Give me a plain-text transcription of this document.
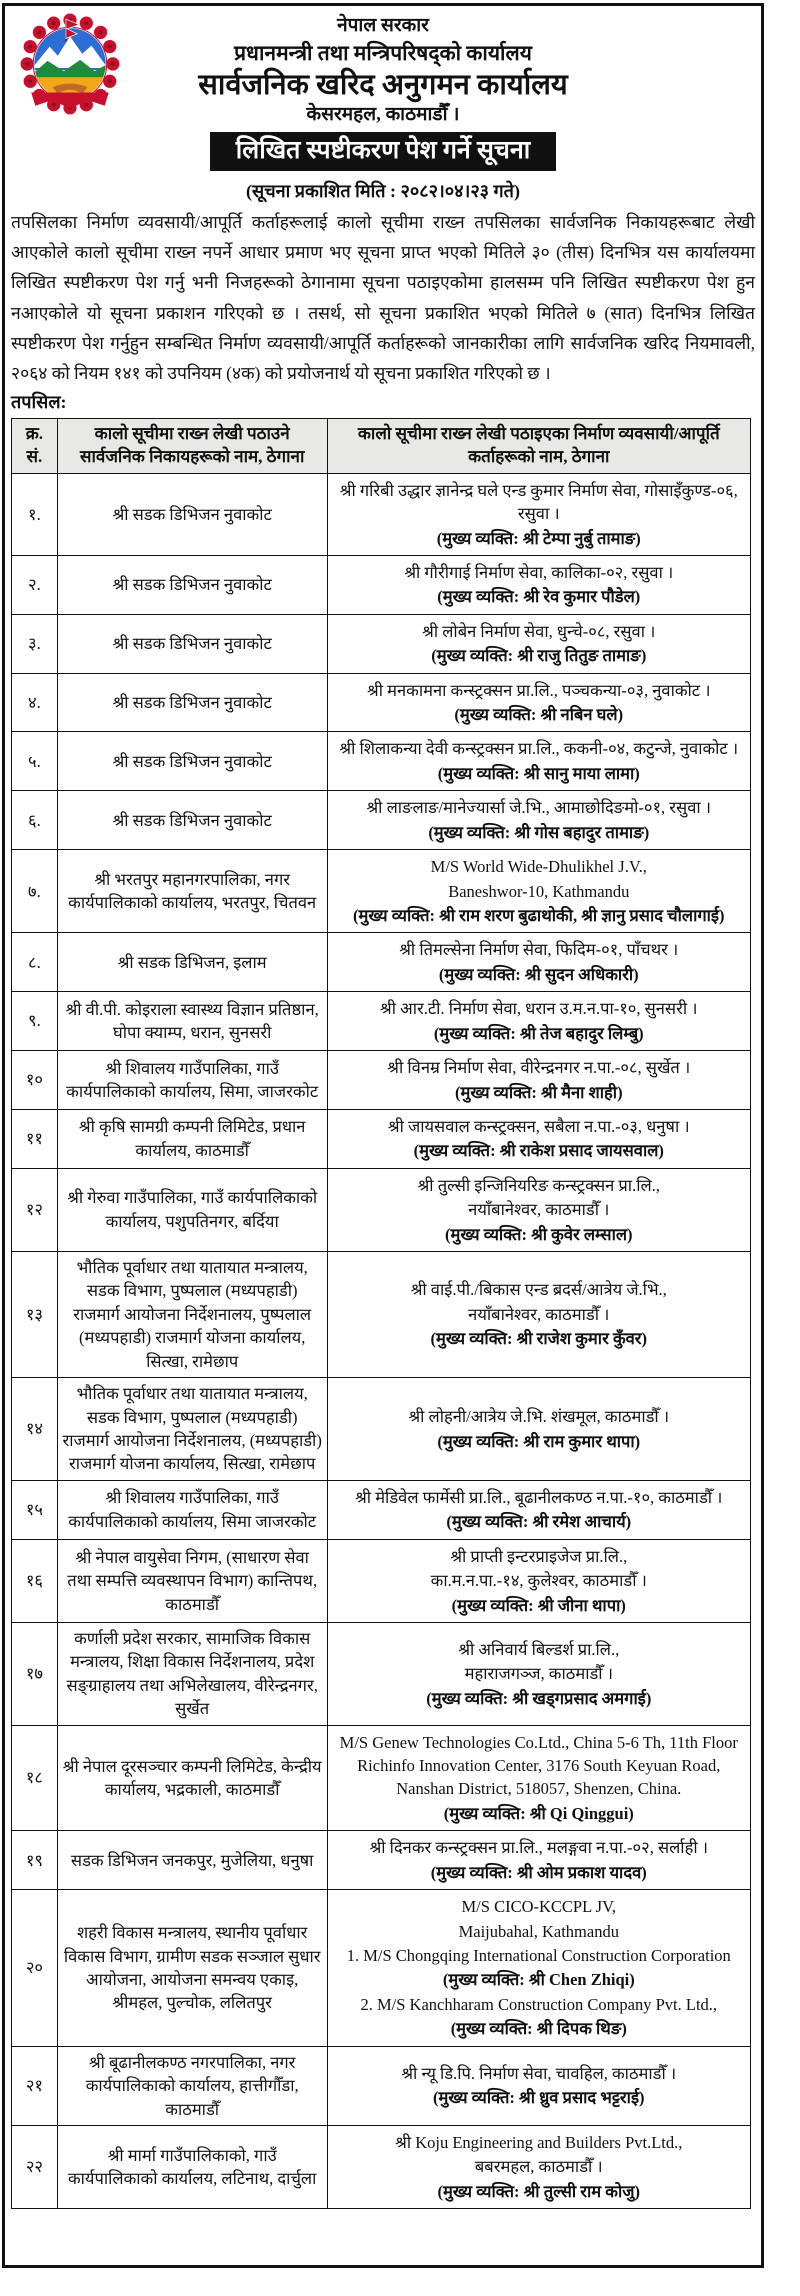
नेपाल सरकार
प्रधानमन्त्री तथा मन्त्रिपरिषद्को कार्यालय
सार्वजनिक खरिद अनुगमन कार्यालय
केसरमहल, काठमाडौँ ।
लिखित स्पष्टीकरण पेश गर्ने सूचना
(सूचना प्रकाशित मिति : २०८२।०४।२३ गते)
तपसिलका निर्माण व्यवसायी/आपूर्ति कर्ताहरूलाई कालो सूचीमा राख्न तपसिलका सार्वजनिक निकायहरूबाट लेखी आएकोले कालो सूचीमा राख्न नपर्ने आधार प्रमाण भए सूचना प्राप्त भएको मितिले ३० (तीस) दिनभित्र यस कार्यालयमा लिखित स्पष्टीकरण पेश गर्नु भनी निजहरूको ठेगानामा सूचना पठाइएकोमा हालसम्म पनि लिखित स्पष्टीकरण पेश हुन नआएकोले यो सूचना प्रकाशन गरिएको छ । तसर्थ, सो सूचना प्रकाशित भएको मितिले ७ (सात) दिनभित्र लिखित स्पष्टीकरण पेश गर्नुहुन सम्बन्धित निर्माण व्यवसायी/आपूर्ति कर्ताहरूको जानकारीका लागि सार्वजनिक खरिद नियमावली, २०६४ को नियम १४१ को उपनियम (४क) को प्रयोजनार्थ यो सूचना प्रकाशित गरिएको छ ।
तपसिल:
क्र. सं.	कालो सूचीमा राख्न लेखी पठाउने सार्वजनिक निकायहरूको नाम, ठेगाना	कालो सूचीमा राख्न लेखी पठाइएका निर्माण व्यवसायी/आपूर्ति कर्ताहरूको नाम, ठेगाना
१.	श्री सडक डिभिजन नुवाकोट	श्री गरिबी उद्धार ज्ञानेन्द्र घले एन्ड कुमार निर्माण सेवा, गोसाइँकुण्ड-०६, रसुवा ।
(मुख्य व्यक्ति: श्री टेम्पा नुर्बु तामाङ)

२.	श्री सडक डिभिजन नुवाकोट	श्री गौरीगाई निर्माण सेवा, कालिका-०२, रसुवा ।
(मुख्य व्यक्ति: श्री रेव कुमार पौडेल)

३.	श्री सडक डिभिजन नुवाकोट	श्री लोबेन निर्माण सेवा, धुन्चे-०८, रसुवा ।
(मुख्य व्यक्ति: श्री राजु तितुङ तामाङ)

४.	श्री सडक डिभिजन नुवाकोट	श्री मनकामना कन्स्ट्रक्सन प्रा.लि., पञ्चकन्या-०३, नुवाकोट ।
(मुख्य व्यक्ति: श्री नबिन घले)

५.	श्री सडक डिभिजन नुवाकोट	श्री शिलाकन्या देवी कन्स्ट्रक्सन प्रा.लि., ककनी-०४, कटुन्जे, नुवाकोट ।
(मुख्य व्यक्ति: श्री सानु माया लामा)

६.	श्री सडक डिभिजन नुवाकोट	श्री लाङलाङ/मानेज्यार्सा जे.भि., आमाछोदिङमो-०१, रसुवा ।
(मुख्य व्यक्ति: श्री गोस बहादुर तामाङ)

७.	श्री भरतपुर महानगरपालिका, नगर कार्यपालिकाको कार्यालय, भरतपुर, चितवन	M/S World Wide-Dhulikhel J.V.,
Baneshwor-10, Kathmandu
(मुख्य व्यक्ति: श्री राम शरण बुढाथोकी, श्री ज्ञानु प्रसाद चौलागाई)

८.	श्री सडक डिभिजन, इलाम	श्री तिमल्सेना निर्माण सेवा, फिदिम-०१, पाँचथर ।
(मुख्य व्यक्ति: श्री सुदन अधिकारी)

९.	श्री वी.पी. कोइराला स्वास्थ्य विज्ञान प्रतिष्ठान, घोपा क्याम्प, धरान, सुनसरी	श्री आर.टी. निर्माण सेवा, धरान उ.म.न.पा-१०, सुनसरी ।
(मुख्य व्यक्ति: श्री तेज बहादुर लिम्बु)

१०	श्री शिवालय गाउँपालिका, गाउँ कार्यपालिकाको कार्यालय, सिमा, जाजरकोट	श्री विनम्र निर्माण सेवा, वीरेन्द्रनगर न.पा.-०८, सुर्खेत ।
(मुख्य व्यक्ति: श्री मैना शाही)

११	श्री कृषि सामग्री कम्पनी लिमिटेड, प्रधान कार्यालय, काठमाडौँ	श्री जायसवाल कन्स्ट्रक्सन, सबैला न.पा.-०३, धनुषा ।
(मुख्य व्यक्ति: श्री राकेश प्रसाद जायसवाल)

१२	श्री गेरुवा गाउँपालिका, गाउँ कार्यपालिकाको कार्यालय, पशुपतिनगर, बर्दिया	श्री तुल्सी इन्जिनियरिङ कन्स्ट्रक्सन प्रा.लि.,
नयाँबानेश्वर, काठमाडौँ ।
(मुख्य व्यक्ति: श्री कुवेर लम्साल)

१३	भौतिक पूर्वाधार तथा यातायात मन्त्रालय, सडक विभाग, पुष्पलाल (मध्यपहाडी) राजमार्ग आयोजना निर्देशनालय, पुष्पलाल (मध्यपहाडी) राजमार्ग योजना कार्यालय, सित्खा, रामेछाप	श्री वाई.पी./बिकास एन्ड ब्रदर्स/आत्रेय जे.भि.,
नयाँबानेश्वर, काठमाडौँ ।
(मुख्य व्यक्ति: श्री राजेश कुमार कुँवर)

१४	भौतिक पूर्वाधार तथा यातायात मन्त्रालय, सडक विभाग, पुष्पलाल (मध्यपहाडी) राजमार्ग आयोजना निर्देशनालय, (मध्यपहाडी) राजमार्ग योजना कार्यालय, सित्खा, रामेछाप	श्री लोहनी/आत्रेय जे.भि. शंखमूल, काठमाडौँ ।
(मुख्य व्यक्ति: श्री राम कुमार थापा)

१५	श्री शिवालय गाउँपालिका, गाउँ कार्यपालिकाको कार्यालय, सिमा जाजरकोट	श्री मेडिवेल फार्मेसी प्रा.लि., बूढानीलकण्ठ न.पा.-१०, काठमाडौँ ।
(मुख्य व्यक्ति: श्री रमेश आचार्य)

१६	श्री नेपाल वायुसेवा निगम, (साधारण सेवा तथा सम्पत्ति व्यवस्थापन विभाग) कान्तिपथ, काठमाडौँ	श्री प्राप्ती इन्टरप्राइजेज प्रा.लि.,
का.म.न.पा.-१४, कुलेश्वर, काठमाडौँ ।
(मुख्य व्यक्ति: श्री जीना थापा)

१७	कर्णाली प्रदेश सरकार, सामाजिक विकास मन्त्रालय, शिक्षा विकास निर्देशनालय, प्रदेश सङ्ग्राहालय तथा अभिलेखालय, वीरेन्द्रनगर, सुर्खेत	श्री अनिवार्य बिल्डर्श प्रा.लि.,
महाराजगञ्ज, काठमाडौँ ।
(मुख्य व्यक्ति: श्री खड्गप्रसाद अमगाई)

१८	श्री नेपाल दूरसञ्चार कम्पनी लिमिटेड, केन्द्रीय कार्यालय, भद्रकाली, काठमाडौँ	M/S Genew Technologies Co.Ltd., China 5-6 Th, 11th Floor Richinfo Innovation Center, 3176 South Keyuan Road, Nanshan District, 518057, Shenzen, China.
(मुख्य व्यक्ति: श्री Qi Qinggui)

१९	सडक डिभिजन जनकपुर, मुजेलिया, धनुषा	श्री दिनकर कन्स्ट्रक्सन प्रा.लि., मलङ्गवा न.पा.-०२, सर्लाही ।
(मुख्य व्यक्ति: श्री ओम प्रकाश यादव)

२०	शहरी विकास मन्त्रालय, स्थानीय पूर्वाधार विकास विभाग, ग्रामीण सडक सञ्जाल सुधार आयोजना, आयोजना समन्वय एकाइ, श्रीमहल, पुल्चोक, ललितपुर	
M/S CICO-KCCPL JV,
Maijubahal, Kathmandu
1. M/S Chongqing International Construction Corporation
(मुख्य व्यक्ति: श्री Chen Zhiqi)
2. M/S Kanchharam Construction Company Pvt. Ltd.,
(मुख्य व्यक्ति: श्री दिपक थिङ)

२१	श्री बूढानीलकण्ठ नगरपालिका, नगर कार्यपालिकाको कार्यालय, हात्तीगौँडा, काठमाडौँ	श्री न्यू डि.पि. निर्माण सेवा, चावहिल, काठमाडौँ ।
(मुख्य व्यक्ति: श्री ध्रुव प्रसाद भट्टराई)

२२	श्री मार्मा गाउँपालिकाको, गाउँ कार्यपालिकाको कार्यालय, लटिनाथ, दार्चुला	श्री Koju Engineering and Builders Pvt.Ltd.,
बबरमहल, काठमाडौँ ।
(मुख्य व्यक्ति: श्री तुल्सी राम कोजु)
